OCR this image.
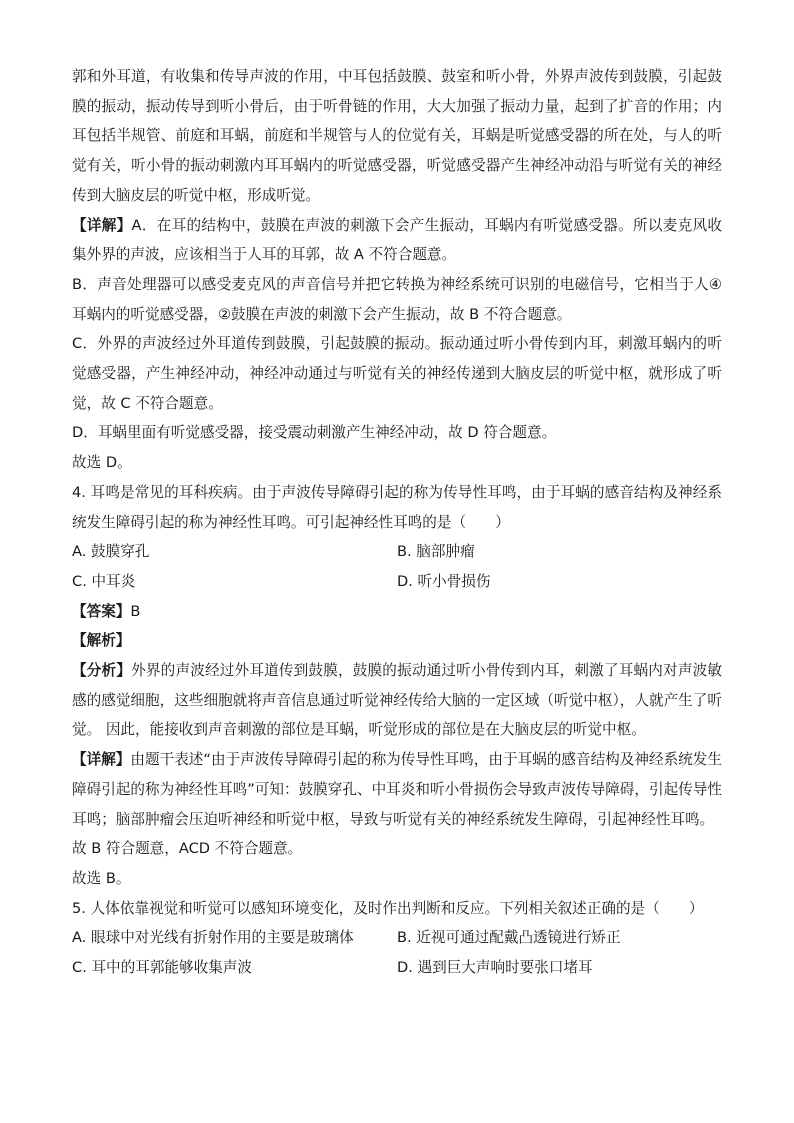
郭和外耳道，有收集和传导声波的作用，中耳包括鼓膜、鼓室和听小骨，外界声波传到鼓膜，引起鼓膜的振动，振动传导到听小骨后，由于听骨链的作用，大大加强了振动力量，起到了扩音的作用；内耳包括半规管、前庭和耳蜗，前庭和半规管与人的位觉有关，耳蜗是听觉感受器的所在处，与人的听觉有关，听小骨的振动刺激内耳耳蜗内的听觉感受器，听觉感受器产生神经冲动沿与听觉有关的神经传到大脑皮层的听觉中枢，形成听觉。

【详解】A．在耳的结构中，鼓膜在声波的刺激下会产生振动，耳蜗内有听觉感受器。所以麦克风收集外界的声波，应该相当于人耳的耳郭，故 A 不符合题意。

B．声音处理器可以感受麦克风的声音信号并把它转换为神经系统可识别的电磁信号，它相当于人④耳蜗内的听觉感受器，②鼓膜在声波的刺激下会产生振动，故 B 不符合题意。

C．外界的声波经过外耳道传到鼓膜，引起鼓膜的振动。振动通过听小骨传到内耳，刺激耳蜗内的听觉感受器，产生神经冲动，神经冲动通过与听觉有关的神经传递到大脑皮层的听觉中枢，就形成了听觉，故 C 不符合题意。

D．耳蜗里面有听觉感受器，接受震动刺激产生神经冲动，故 D 符合题意。

故选 D。

4. 耳鸣是常见的耳科疾病。由于声波传导障碍引起的称为传导性耳鸣，由于耳蜗的感音结构及神经系统发生障碍引起的称为神经性耳鸣。可引起神经性耳鸣的是（　　）

A. 鼓膜穿孔	B. 脑部肿瘤

C. 中耳炎	D. 听小骨损伤

【答案】B

【解析】

【分析】外界的声波经过外耳道传到鼓膜，鼓膜的振动通过听小骨传到内耳，刺激了耳蜗内对声波敏感的感觉细胞，这些细胞就将声音信息通过听觉神经传给大脑的一定区域（听觉中枢），人就产生了听觉。 因此，能接收到声音刺激的部位是耳蜗，听觉形成的部位是在大脑皮层的听觉中枢。

【详解】由题干表述“由于声波传导障碍引起的称为传导性耳鸣，由于耳蜗的感音结构及神经系统发生障碍引起的称为神经性耳鸣”可知：鼓膜穿孔、中耳炎和听小骨损伤会导致声波传导障碍，引起传导性耳鸣；脑部肿瘤会压迫听神经和听觉中枢，导致与听觉有关的神经系统发生障碍，引起神经性耳鸣。

故 B 符合题意，ACD 不符合题意。

故选 B。

5. 人体依靠视觉和听觉可以感知环境变化，及时作出判断和反应。下列相关叙述正确的是（　　）

A. 眼球中对光线有折射作用的主要是玻璃体	B. 近视可通过配戴凸透镜进行矫正

C. 耳中的耳郭能够收集声波	D. 遇到巨大声响时要张口堵耳
